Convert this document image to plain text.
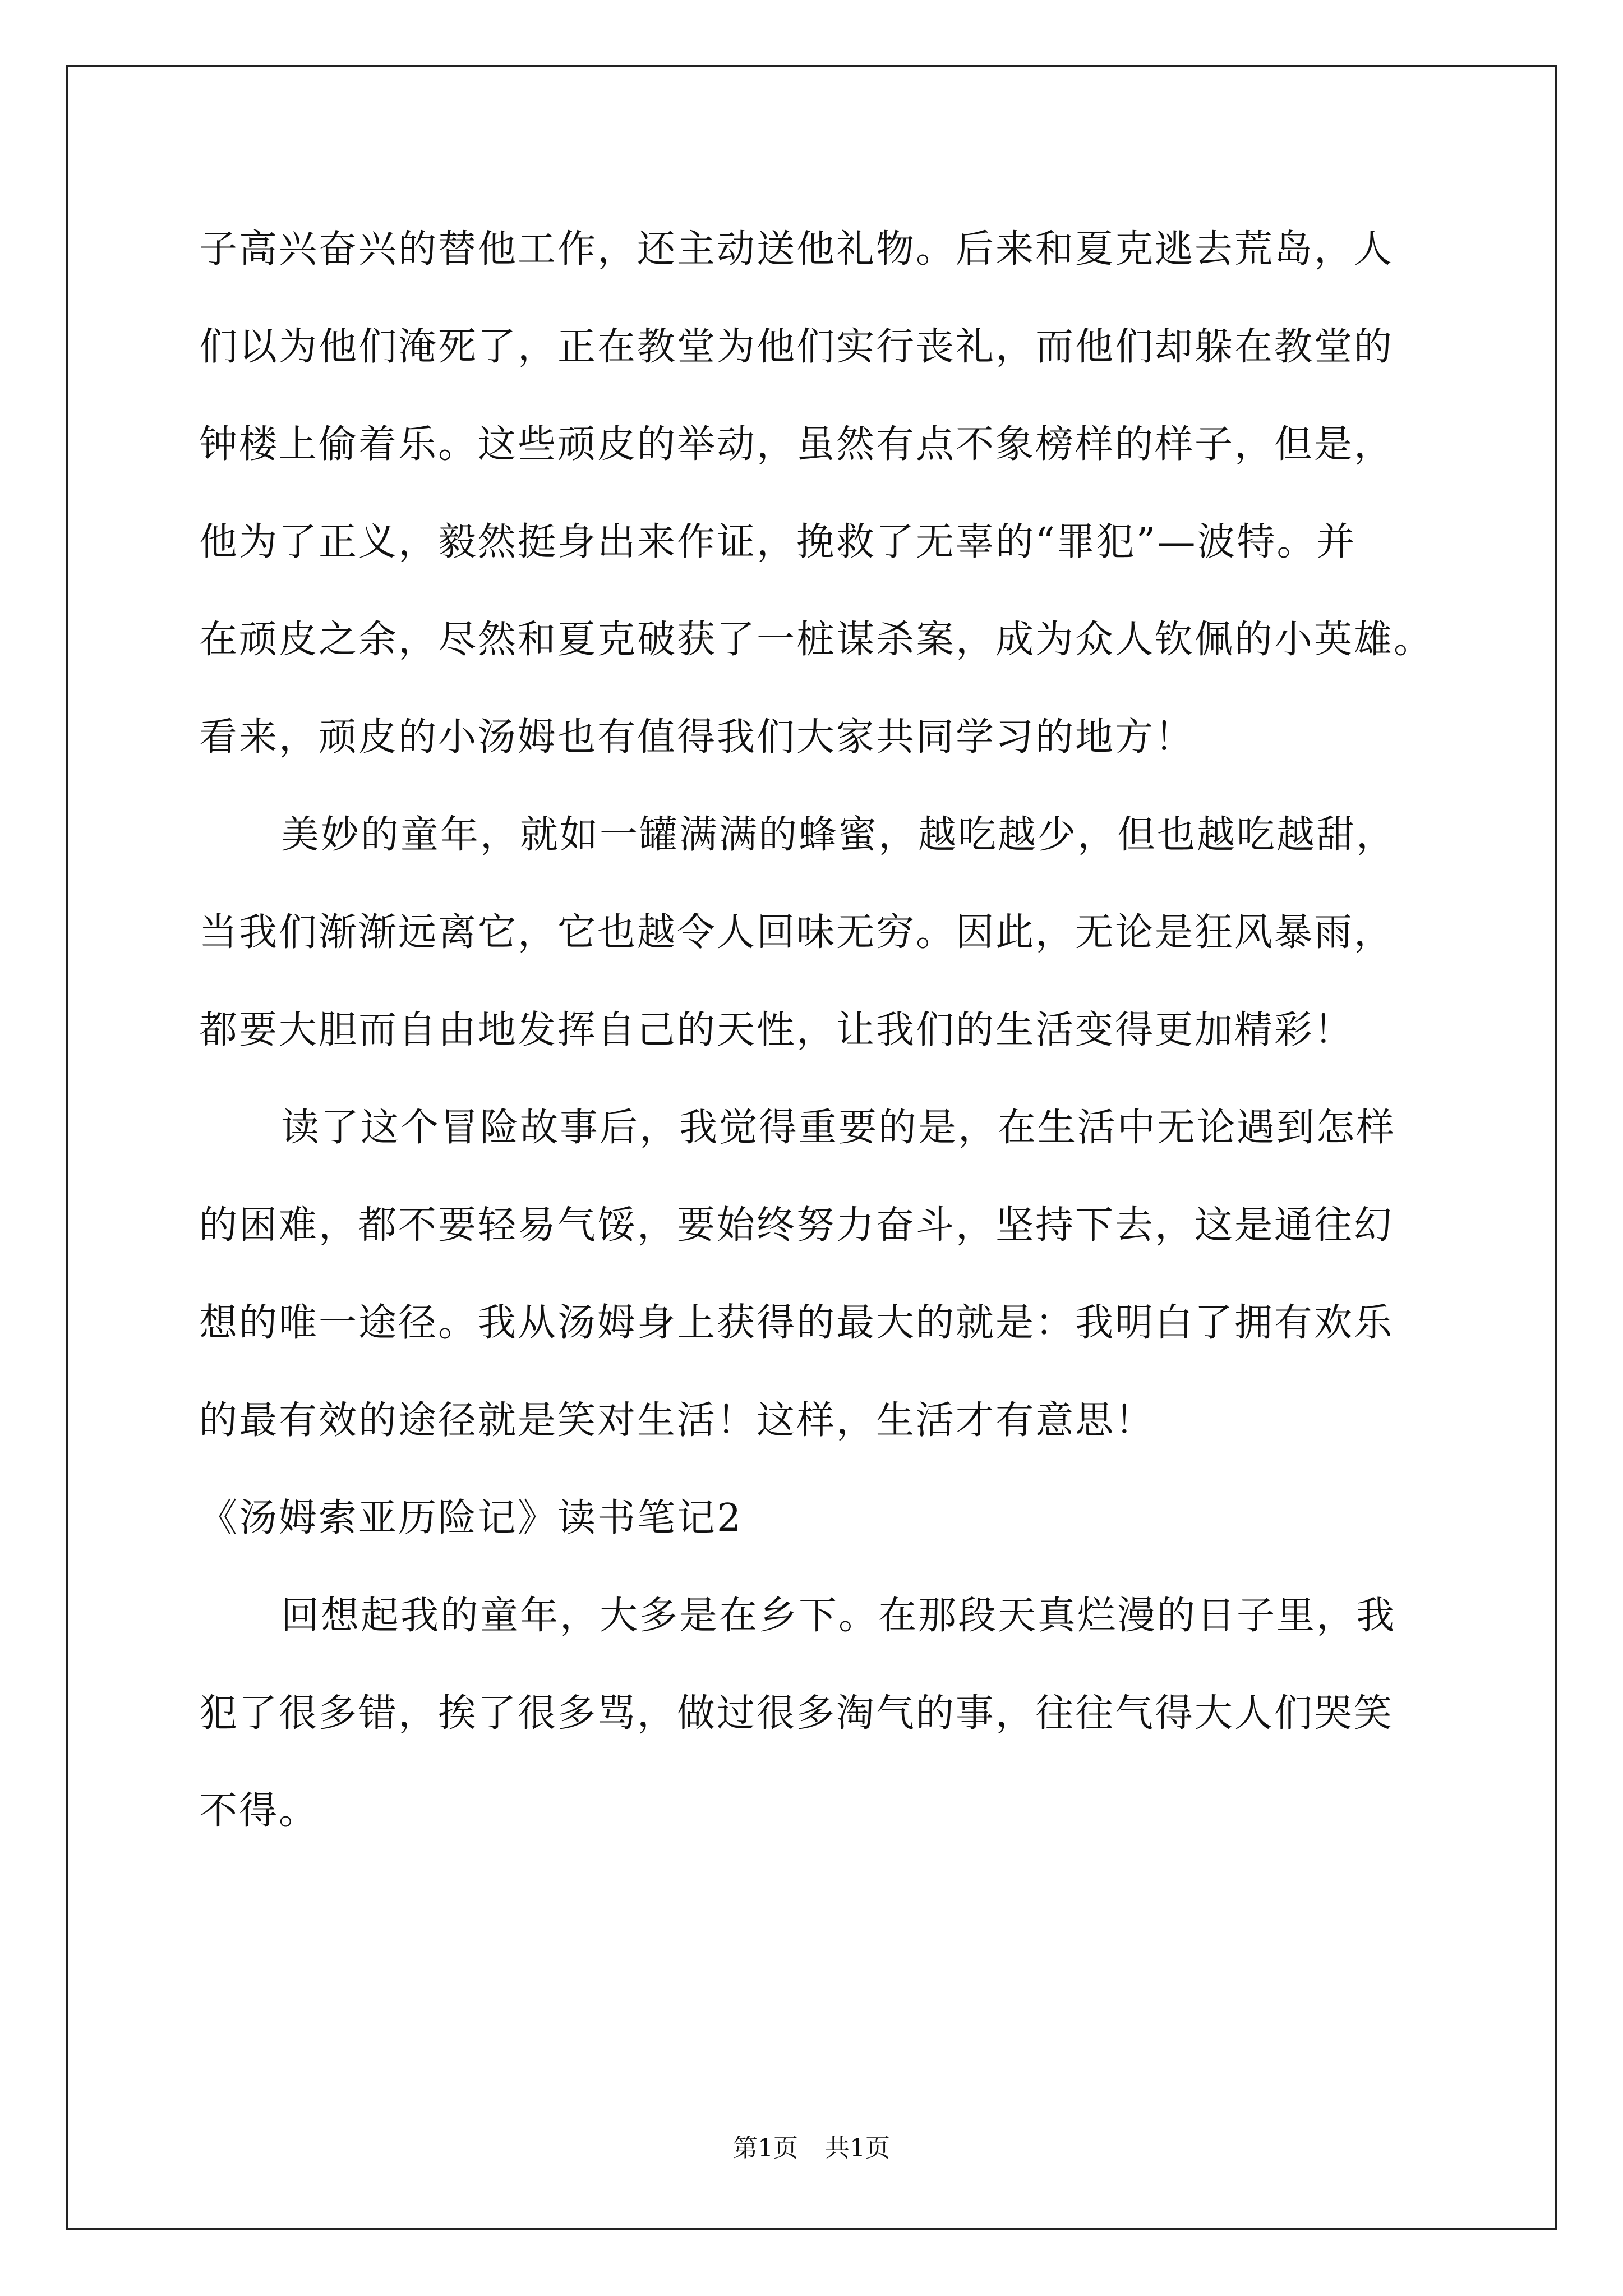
子高兴奋兴的替他工作，还主动送他礼物。后来和夏克逃去荒岛，人
们以为他们淹死了，正在教堂为他们实行丧礼，而他们却躲在教堂的
钟楼上偷着乐。这些顽皮的举动，虽然有点不象榜样的样子，但是，
他为了正义，毅然挺身出来作证，挽救了无辜的“罪犯”—波特。并
在顽皮之余，尽然和夏克破获了一桩谋杀案，成为众人钦佩的小英雄。
看来，顽皮的小汤姆也有值得我们大家共同学习的地方！
美妙的童年，就如一罐满满的蜂蜜，越吃越少，但也越吃越甜，
当我们渐渐远离它，它也越令人回味无穷。因此，无论是狂风暴雨，
都要大胆而自由地发挥自己的天性，让我们的生活变得更加精彩！
读了这个冒险故事后，我觉得重要的是，在生活中无论遇到怎样
的困难，都不要轻易气馁，要始终努力奋斗，坚持下去，这是通往幻
想的唯一途径。我从汤姆身上获得的最大的就是：我明白了拥有欢乐
的最有效的途径就是笑对生活！这样，生活才有意思！
《汤姆索亚历险记》读书笔记2
回想起我的童年，大多是在乡下。在那段天真烂漫的日子里，我
犯了很多错，挨了很多骂，做过很多淘气的事，往往气得大人们哭笑
不得。
第1页 共1页
